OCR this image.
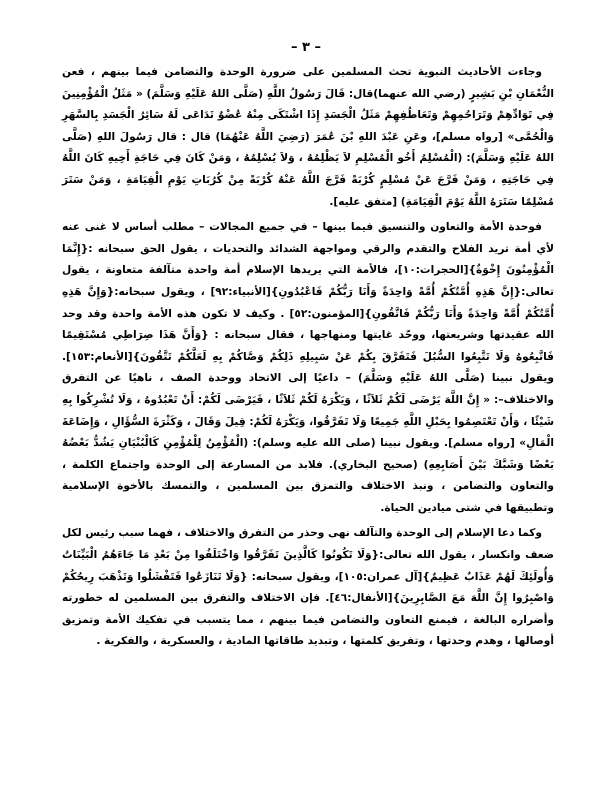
– ٣ –

وجاءت الأحاديث النبوية تحث المسلمين على ضرورة الوحدة والتضامن فيما بينهم ، فعن النُّعْمَانِ بْنِ بَشِيرٍ (رضي الله عنهما)قال: قَالَ رَسُولُ اللَّهِ (صَلَّى اللهُ عَلَيْهِ وَسَلَّمَ) « مَثَلُ الْمُؤْمِنِينَ فِي تَوَادِّهِمْ وَتَرَاحُمِهِمْ وَتَعَاطُفِهِمْ مَثَلُ الْجَسَدِ إِذَا اشْتَكَى مِنْهُ عُضْوٌ تَدَاعَى لَهُ سَائِرُ الْجَسَدِ بِالسَّهَرِ وَالْحُمَّى» [رواه مسلم]، وعَنِ عَبْدَ اللهِ بْنَ عُمَرَ (رَضِيَ اللَّهُ عَنْهُمَا) قال : قال رَسُولَ اللهِ (صَلَّى اللهُ عَلَيْهِ وَسَلَّمَ): (الْمُسْلِمُ أَخُو الْمُسْلِمِ لاَ يَظْلِمُهُ ، وَلاَ يُسْلِمُهُ ، وَمَنْ كَانَ فِي حَاجَةِ أَخِيهِ كَانَ اللَّهُ فِي حَاجَتِهِ ، وَمَنْ فَرَّجَ عَنْ مُسْلِمٍ كُرْبَةً فَرَّجَ اللَّهُ عَنْهُ كُرْبَةً مِنْ كُرُبَاتِ يَوْمِ الْقِيَامَةِ ، وَمَنْ سَتَرَ مُسْلِمًا سَتَرَهُ اللَّهُ يَوْمَ الْقِيَامَةِ) [متفق عليه].

فوحدة الأمة والتعاون والتنسيق فيما بينها – في جميع المجالات – مطلب أساس لا غنى عنه لأي أمة تريد الفلاح والتقدم والرقي ومواجهة الشدائد والتحديات ، يقول الحق سبحانه :{إِنَّمَا الْمُؤْمِنُونَ إِخْوَةٌ}[الحجرات:١٠]، فالأمة التي يريدها الإسلام أمة واحدة متآلفة متعاونة ، يقول تعالى:{إِنَّ هَذِهِ أُمَّتُكُمْ أُمَّةً وَاحِدَةً وَأَنَا رَبُّكُمْ فَاعْبُدُونِ}[الأنبياء:٩٢] ، ويقول سبحانه:{وَإِنَّ هَذِهِ أُمَّتُكُمْ أُمَّةً وَاحِدَةً وَأَنَا رَبُّكُمْ فَاتَّقُونِ}[المؤمنون:٥٢] . وكيف لا تكون هذه الأمة واحدة وقد وحد الله عقيدتها وشريعتها، ووحّد غايتها ومنهاجها ، فقال سبحانه : {وَأَنَّ هَذَا صِرَاطِي مُسْتَقِيمًا فَاتَّبِعُوهُ وَلَا تَتَّبِعُوا السُّبُلَ فَتَفَرَّقَ بِكُمْ عَنْ سَبِيلِهِ ذَلِكُمْ وَصَّاكُمْ بِهِ لَعَلَّكُمْ تَتَّقُونَ}[الأنعام:١٥٣]. ويقول نبينا (صَلَّى اللهُ عَلَيْهِ وَسَلَّمَ) – داعيًا إلى الاتحاد ووحدة الصف ، ناهيًا عن التفرق والاختلاف–: « إِنَّ اللَّهَ يَرْضَى لَكُمْ ثَلاَثًا ، وَيَكْرَهُ لَكُمْ ثَلاَثًا ، فَيَرْضَى لَكُمْ: أَنْ تَعْبُدُوهُ ، وَلَا تُشْرِكُوا بِهِ شَيْئًا ، وَأَنْ تَعْتَصِمُوا بِحَبْلِ اللَّهِ جَمِيعًا وَلَا تَفَرَّقُوا، وَيَكْرَهُ لَكُمْ: قِيلَ وَقَالَ ، وَكَثْرَةَ السُّؤَالِ ، وَإِضَاعَةَ الْمَالِ» [رواه مسلم]. ويقول نبينا (صلى الله عليه وسلم): (الْمُؤْمِنُ لِلْمُؤْمِنِ كَالْبُنْيَانِ يَشُدُّ بَعْضُهُ بَعْضًا وَشَبَّكَ بَيْنَ أَصَابِعِهِ) (صحيح البخاري). فلابد من المسارعة إلى الوحدة واجتماع الكلمة ، والتعاون والتضامن ، ونبذ الاختلاف والتمزق بين المسلمين ، والتمسك بالأخوة الإسلامية وتطبيقها في شتى ميادين الحياة.

وكما دعا الإسلام إلى الوحدة والتآلف نهى وحذر من التفرق والاختلاف ، فهما سبب رئيس لكل ضعف وانكسار ، يقول الله تعالى:{وَلَا تَكُونُوا كَالَّذِينَ تَفَرَّقُوا وَاخْتَلَفُوا مِنْ بَعْدِ مَا جَاءَهُمُ الْبَيِّنَاتُ وَأُولَئِكَ لَهُمْ عَذَابٌ عَظِيمٌ}[آل عمران:١٠٥]، ويقول سبحانه: {وَلَا تَنَازَعُوا فَتَفْشَلُوا وَتَذْهَبَ رِيحُكُمْ وَاصْبِرُوا إِنَّ اللَّهَ مَعَ الصَّابِرِينَ}[الأنفال:٤٦]. فإن الاختلاف والتفرق بين المسلمين له خطورته وأضراره البالغة ، فيمنع التعاون والتضامن فيما بينهم ، مما يتسبب في تفكيك الأمة وتمزيق أوصالها ، وهدم وحدتها ، وتفريق كلمتها ، وتبديد طاقاتها المادية ، والعسكرية ، والفكرية .
